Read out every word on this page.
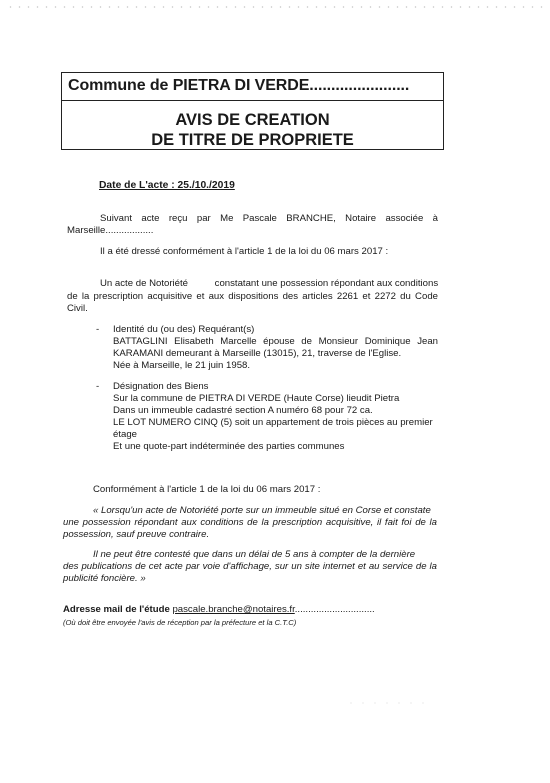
Commune de PIETRA DI VERDE.......................
AVIS DE CREATION
DE TITRE DE PROPRIETE
Date de L'acte : 25./10./2019
Suivant acte reçu par Me Pascale BRANCHE, Notaire associée à
Marseille..................
Il a été dressé conformément à l'article 1 de la loi du 06 mars 2017 :
Un acte de Notoriété          constatant une possession répondant aux conditions
de la prescription acquisitive et aux dispositions des articles 2261 et 2272 du Code
Civil.
- Identité du (ou des) Requérant(s)
BATTAGLINI Elisabeth Marcelle épouse de Monsieur Dominique Jean
KARAMANI demeurant à Marseille (13015), 21, traverse de l'Eglise.
Née à Marseille, le 21 juin 1958.
- Désignation des Biens
Sur la commune de PIETRA DI VERDE (Haute Corse) lieudit Pietra
Dans un immeuble cadastré section A numéro 68 pour 72 ca.
LE LOT NUMERO CINQ (5) soit un appartement de trois pièces au premier
étage
Et une quote-part indéterminée des parties communes
Conformément à l'article 1 de la loi du 06 mars 2017 :
« Lorsqu'un acte de Notoriété porte sur un immeuble situé en Corse et constate
une possession répondant aux conditions de la prescription acquisitive, il fait foi de la
possession, sauf preuve contraire.
Il ne peut être contesté que dans un délai de 5 ans à compter de la dernière
des publications de cet acte par voie d'affichage, sur un site internet et au service de la
publicité foncière. »
Adresse mail de l'étude pascale.branche@notaires.fr..............................
(Où doit être envoyée l'avis de réception par la préfecture et la C.T.C)
